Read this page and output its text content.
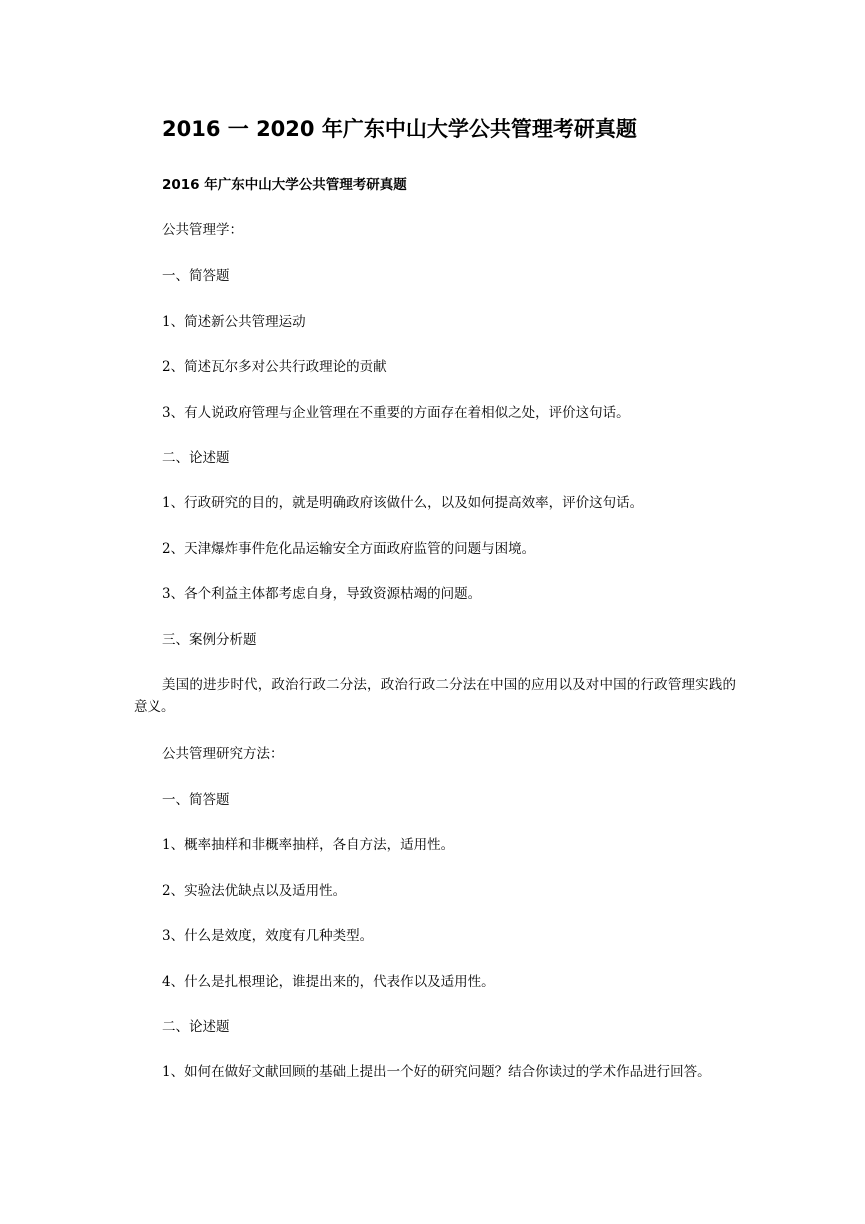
2016 一 2020 年广东中山大学公共管理考研真题
2016 年广东中山大学公共管理考研真题

公共管理学：

一、简答题

1、简述新公共管理运动

2、简述瓦尔多对公共行政理论的贡献

3、有人说政府管理与企业管理在不重要的方面存在着相似之处，评价这句话。

二、论述题

1、行政研究的目的，就是明确政府该做什么，以及如何提高效率，评价这句话。

2、天津爆炸事件危化品运输安全方面政府监管的问题与困境。

3、各个利益主体都考虑自身，导致资源枯竭的问题。

三、案例分析题

美国的进步时代，政治行政二分法，政治行政二分法在中国的应用以及对中国的行政管理实践的意义。

公共管理研究方法：

一、简答题

1、概率抽样和非概率抽样，各自方法，适用性。

2、实验法优缺点以及适用性。

3、什么是效度，效度有几种类型。

4、什么是扎根理论，谁提出来的，代表作以及适用性。

二、论述题

1、如何在做好文献回顾的基础上提出一个好的研究问题？结合你读过的学术作品进行回答。
